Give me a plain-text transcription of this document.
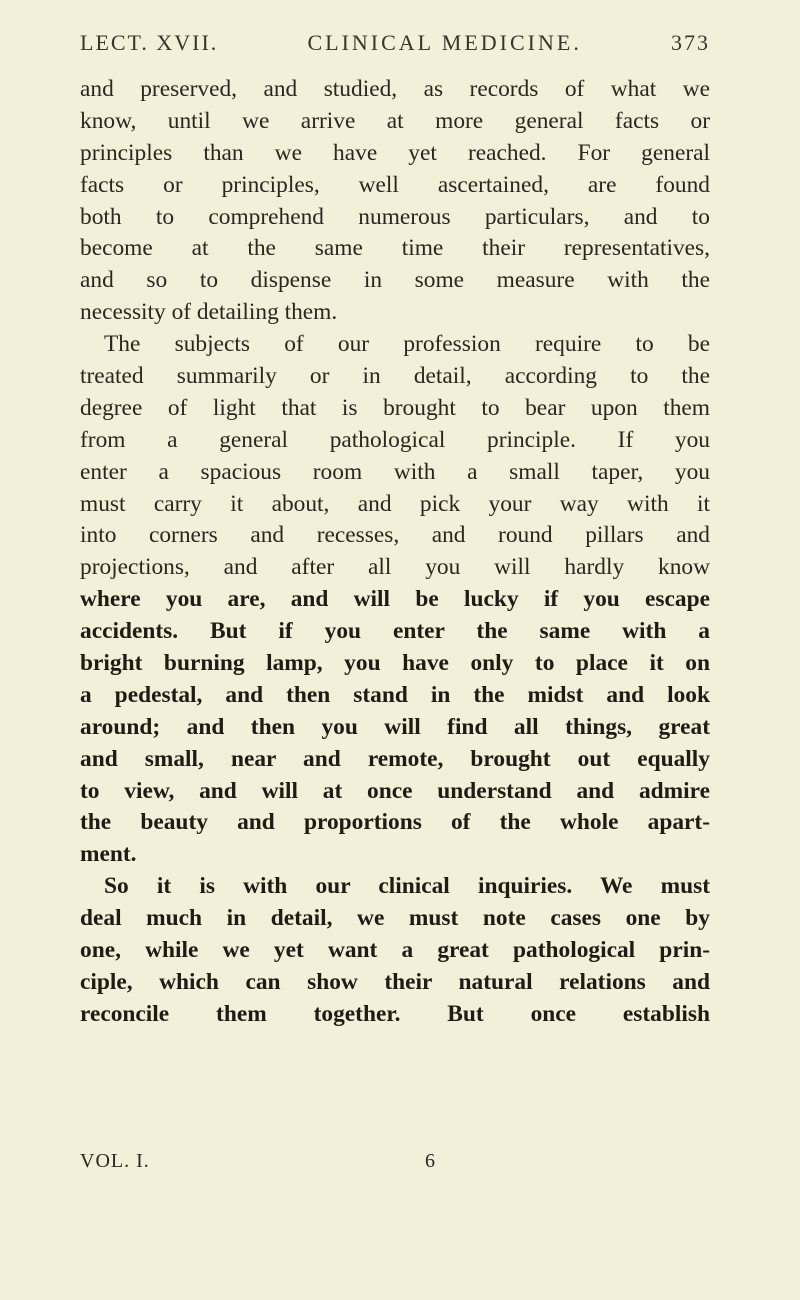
LECT. XVII.	CLINICAL MEDICINE.	373
and preserved, and studied, as records of what we
know, until we arrive at more general facts or
principles than we have yet reached. For general
facts or principles, well ascertained, are found
both to comprehend numerous particulars, and to
become at the same time their representatives,
and so to dispense in some measure with the
necessity of detailing them.
The subjects of our profession require to be
treated summarily or in detail, according to the
degree of light that is brought to bear upon them
from a general pathological principle. If you
enter a spacious room with a small taper, you
must carry it about, and pick your way with it
into corners and recesses, and round pillars and
projections, and after all you will hardly know
where you are, and will be lucky if you escape
accidents. But if you enter the same with a
bright burning lamp, you have only to place it on
a pedestal, and then stand in the midst and look
around; and then you will find all things, great
and small, near and remote, brought out equally
to view, and will at once understand and admire
the beauty and proportions of the whole apart-
ment.
So it is with our clinical inquiries. We must
deal much in detail, we must note cases one by
one, while we yet want a great pathological prin-
ciple, which can show their natural relations and
reconcile them together. But once establish
VOL. I.	6
